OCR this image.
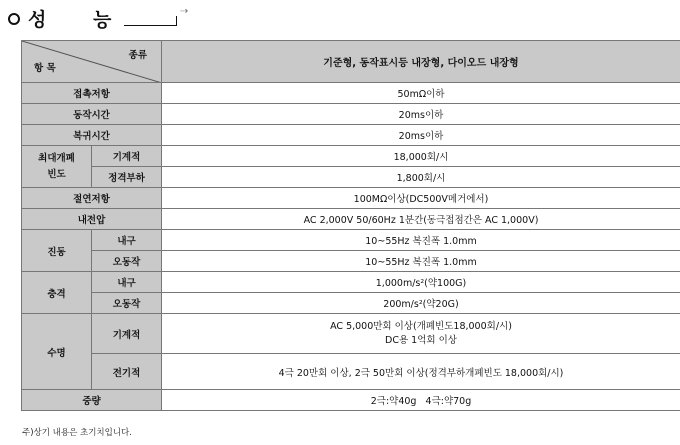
성 능	⇢
종류
항 목		기준형, 동작표시등 내장형, 다이오드 내장형
접촉저항		50mΩ이하
동작시간		20ms이하
복귀시간		20ms이하
최대개폐
빈도	기계적	18,000회/시
	정격부하	1,800회/시
절연저항		100MΩ이상(DC500V메거에서)
내전압		AC 2,000V 50/60Hz 1분간(동극접점간은 AC 1,000V)
진동	내구	10~55Hz 복진폭 1.0mm
	오동작	10~55Hz 복진폭 1.0mm
충격	내구	1,000m/s²(약100G)
	오동작	200m/s²(약20G)
수명	기계적	AC 5,000만회 이상(개폐빈도18,000회/시)
DC용 1억회 이상

	전기적	4극 20만회 이상, 2극 50만회 이상(정격부하개폐빈도 18,000회/시)
중량		2극:약40g   4극:약70g
주)상기 내용은 초기치입니다.
